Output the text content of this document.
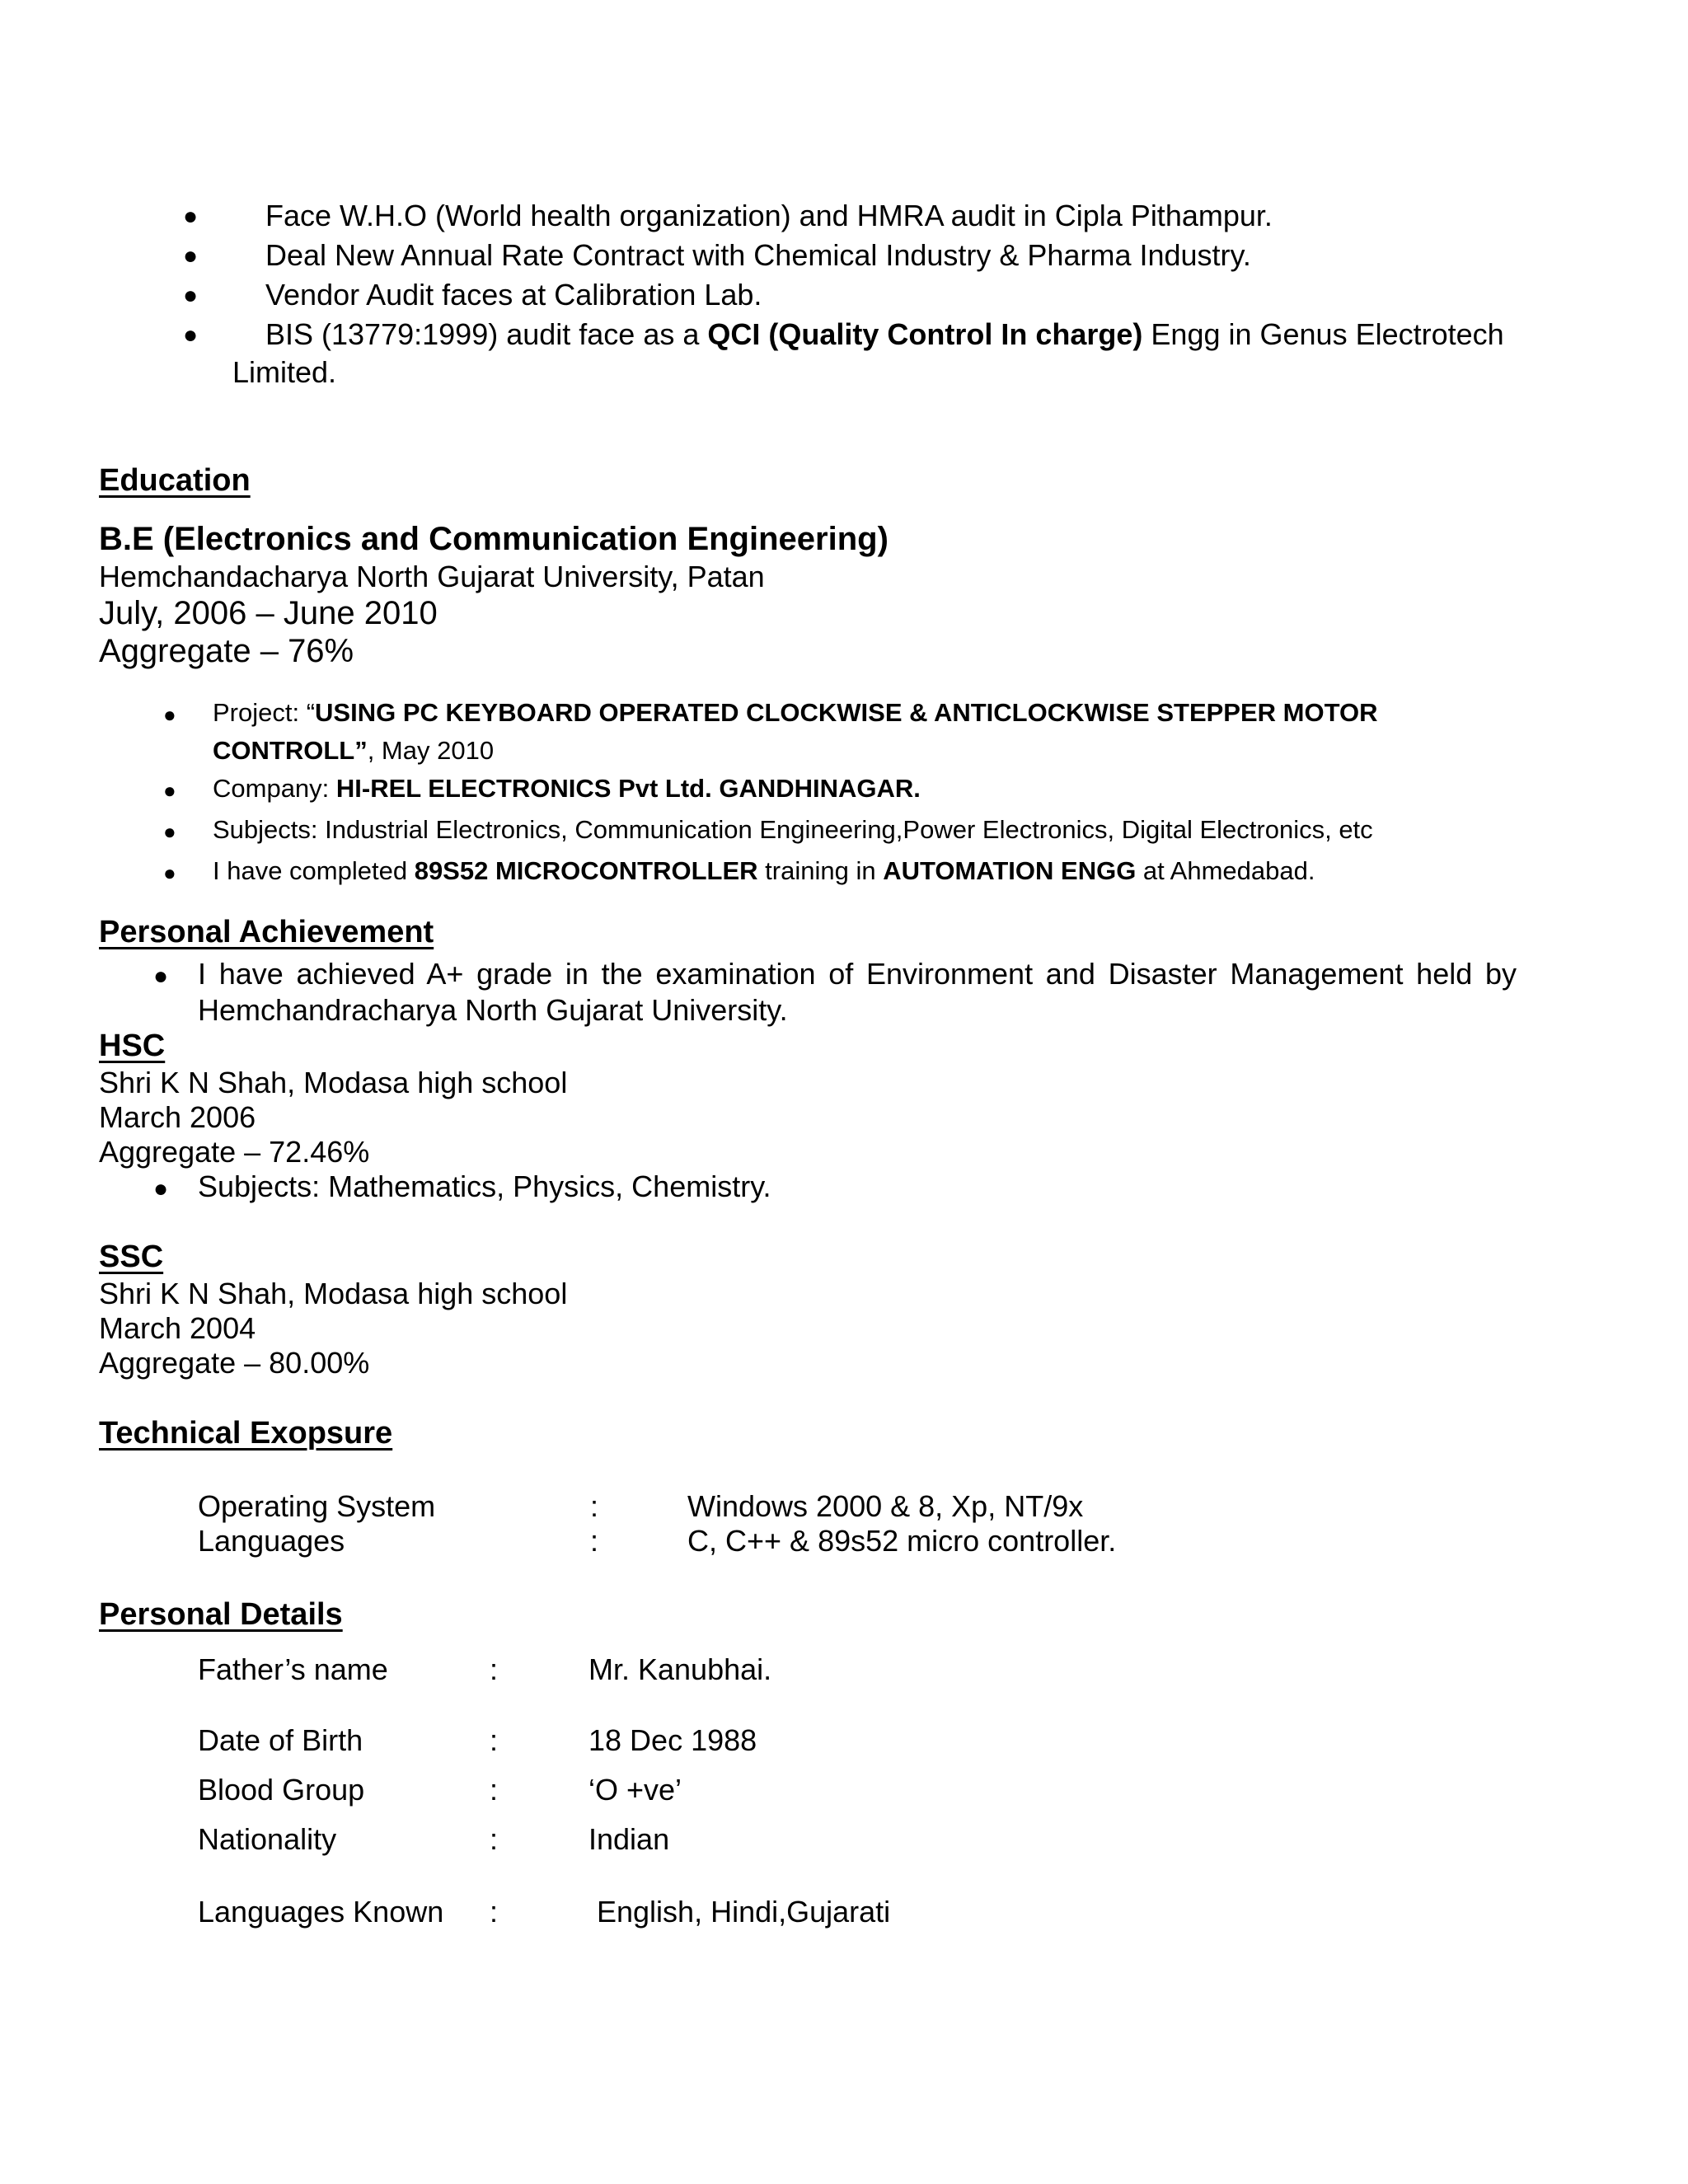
● Face W.H.O (World health organization) and HMRA audit in Cipla Pithampur.
● Deal New Annual Rate Contract with Chemical Industry & Pharma Industry.
● Vendor Audit faces at Calibration Lab.
● BIS (13779:1999) audit face as a QCI (Quality Control In charge) Engg in Genus Electrotech
Limited.
Education
B.E (Electronics and Communication Engineering)
Hemchandacharya North Gujarat University, Patan
July, 2006 – June 2010
Aggregate – 76%
● Project: “USING PC KEYBOARD OPERATED CLOCKWISE & ANTICLOCKWISE STEPPER MOTOR
CONTROLL”, May 2010
● Company: HI-REL ELECTRONICS Pvt Ltd. GANDHINAGAR.
● Subjects: Industrial Electronics, Communication Engineering,Power Electronics, Digital Electronics, etc
● I have completed 89S52 MICROCONTROLLER training in AUTOMATION ENGG at Ahmedabad.
Personal Achievement
● I have achieved A+ grade in the examination of Environment and Disaster Management held by
Hemchandracharya North Gujarat University.
HSC
Shri K N Shah, Modasa high school
March 2006
Aggregate – 72.46%
● Subjects: Mathematics, Physics, Chemistry.
SSC
Shri K N Shah, Modasa high school
March 2004
Aggregate – 80.00%
Technical Exopsure
Operating System	:	Windows 2000 & 8, Xp, NT/9x
Languages	:	C, C++ & 89s52 micro controller.
Personal Details
Father’s name	:	Mr. Kanubhai.
Date of Birth	:	18 Dec 1988
Blood Group	:	‘O +ve’
Nationality	:	Indian
Languages Known :	English, Hindi,Gujarati
